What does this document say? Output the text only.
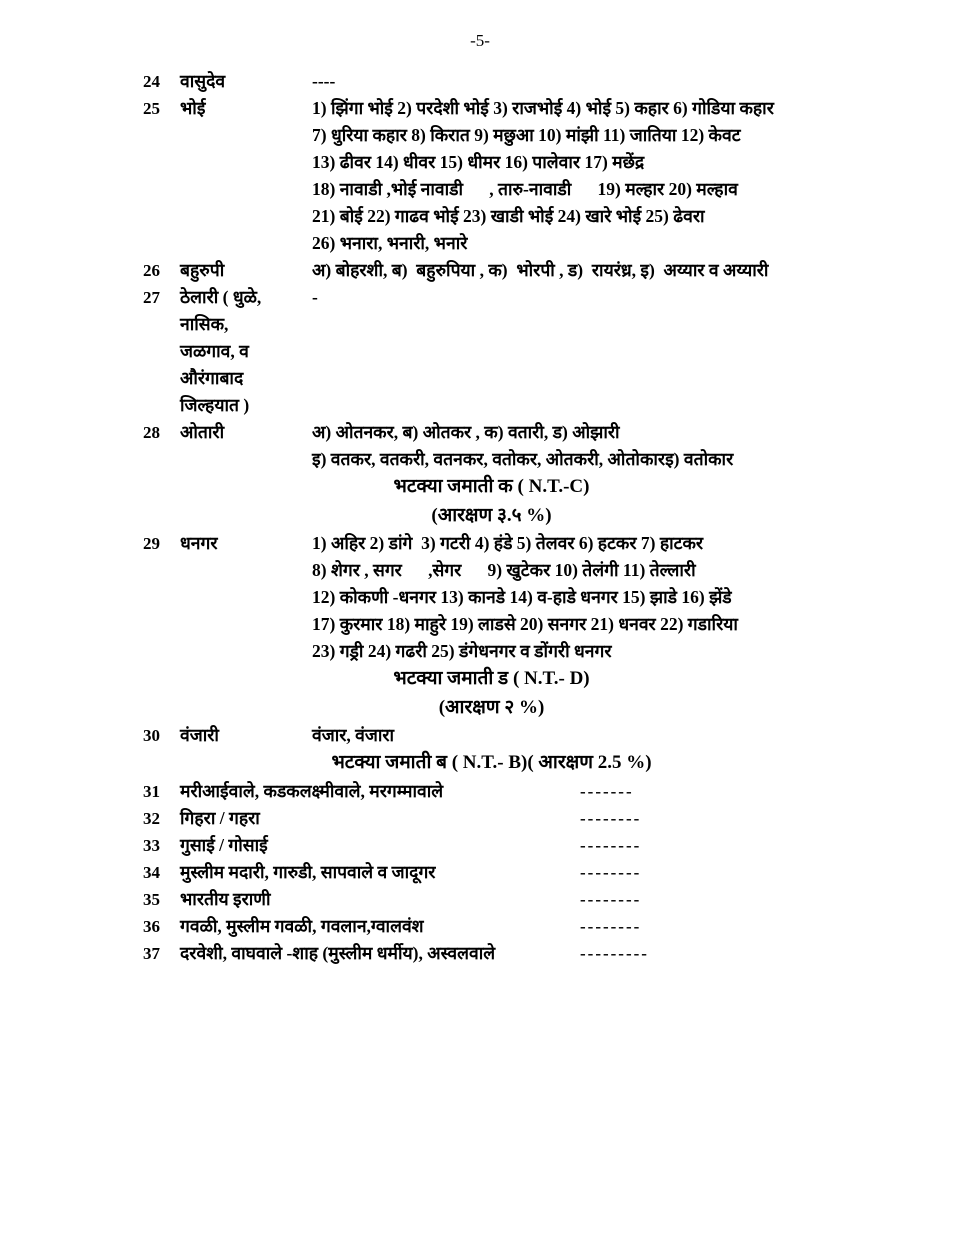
-5-
24	वासुदेव	----
25	भोई	1) झिंगा भोई 2) परदेशी भोई 3) राजभोई 4) भोई 5) कहार 6) गोडिया कहार
7) धुरिया कहार 8) किरात 9) मछुआ 10) मांझी 11) जातिया 12) केवट
13) ढीवर 14) धीवर 15) धीमर 16) पालेवार 17) मछेंद्र
18) नावाडी ,भोई नावाडी      , तारु-नावाडी      19) मल्हार 20) मल्हाव
21) बोई 22) गाढव भोई 23) खाडी भोई 24) खारे भोई 25) ढेवरा
26) भनारा, भनारी, भनारे
26	बहुरुपी	अ) बोहरशी, ब)  बहुरुपिया , क)  भोरपी , ड)  रायरंध्र, इ)  अय्यार व अय्यारी
27	ठेलारी ( धुळे,
नासिक,
जळगाव, व
औरंगाबाद
जिल्हयात )
-
28	ओतारी	अ) ओतनकर, ब) ओतकर , क) वतारी, ड) ओझारी
इ) वतकर, वतकरी, वतनकर, वतोकर, ओतकरी, ओतोकारइ) वतोकार
भटक्या जमाती क ( N.T.-C)
(आरक्षण ३.५ %)
29	धनगर	1) अहिर 2) डांगे  3) गटरी 4) हंडे 5) तेलवर 6) हटकर 7) हाटकर
8) शेगर , सगर      ,सेगर      9) खुटेकर 10) तेलंगी 11) तेल्लारी
12) कोकणी -धनगर 13) कानडे 14) व-हाडे धनगर 15) झाडे 16) झेंडे
17) कुरमार 18) माहुरे 19) लाडसे 20) सनगर 21) धनवर 22) गडारिया
23) गड्री 24) गढरी 25) डंगेधनगर व डोंगरी धनगर
भटक्या जमाती ड ( N.T.- D)
(आरक्षण २ %)
30	वंजारी	वंजार, वंजारा
भटक्या जमाती ब ( N.T.- B)( आरक्षण 2.5 %)
31	मरीआईवाले, कडकलक्ष्मीवाले, मरगम्मावाले	-------
32	गिहरा / गहरा	--------
33	गुसाई / गोसाई	--------
34	मुस्लीम मदारी, गारुडी, सापवाले व जादूगर	--------
35	भारतीय इराणी	--------
36	गवळी, मुस्लीम गवळी, गवलान,ग्वालवंश	--------
37	दरवेशी, वाघवाले -शाह (मुस्लीम धर्मीय), अस्वलवाले	---------
